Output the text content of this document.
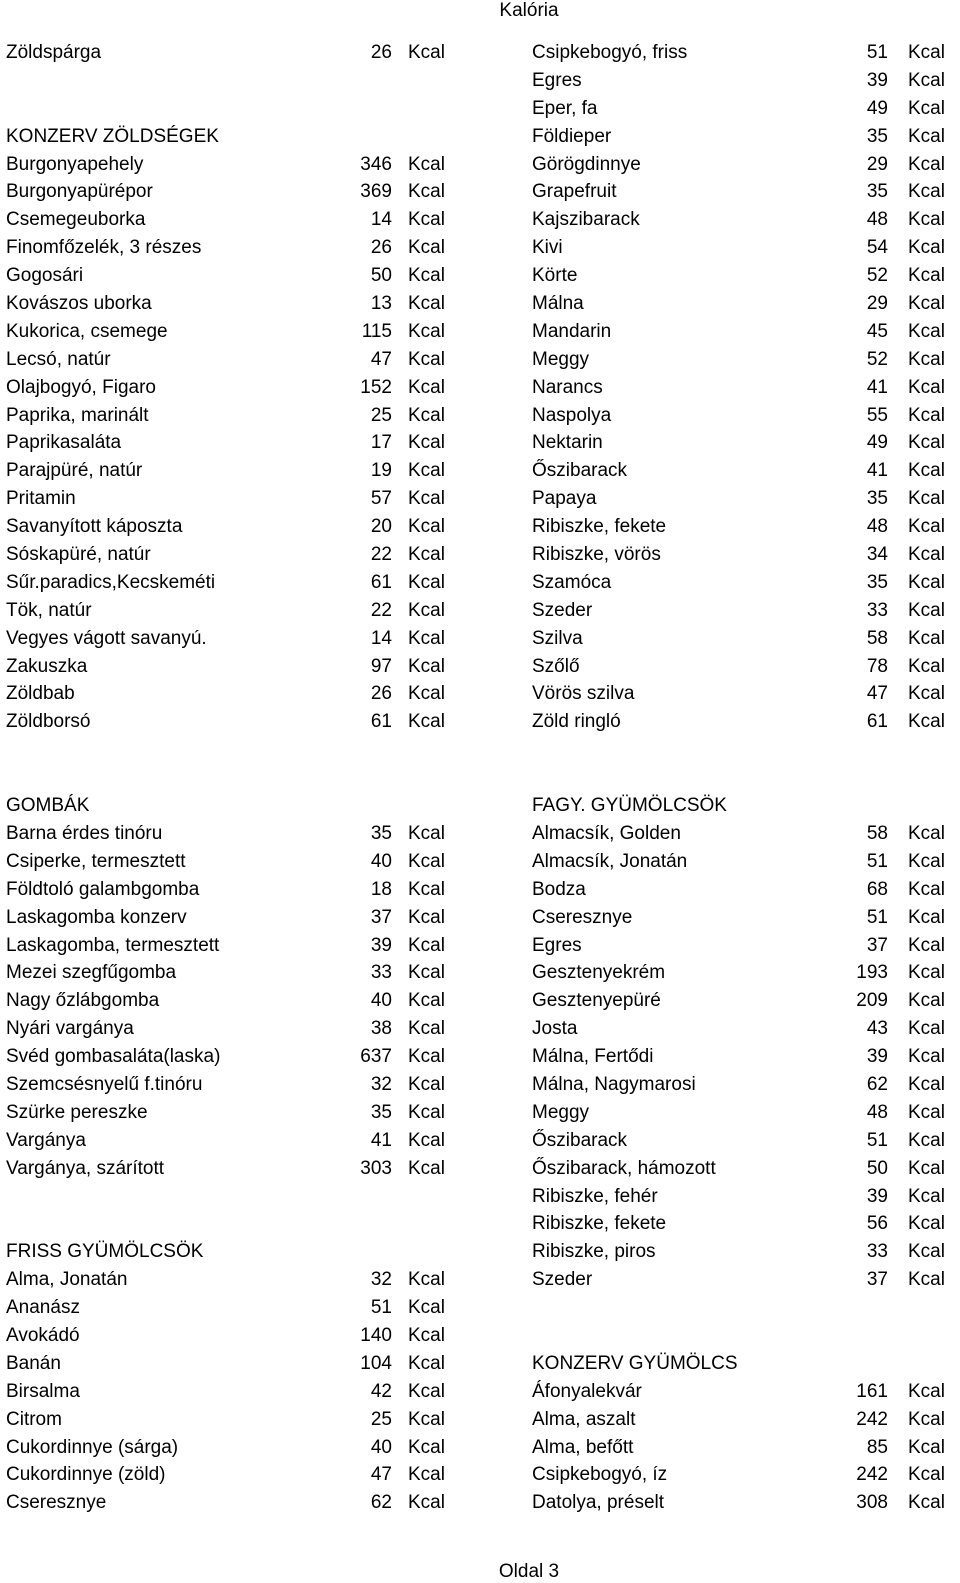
Kalória
Zöldspárga	26 Kcal
KONZERV ZÖLDSÉGEK
Burgonyapehely	346 Kcal
Burgonyapürépor	369 Kcal
Csemegeuborka	14 Kcal
Finomfőzelék, 3 részes	26 Kcal
Gogosári	50 Kcal
Kovászos uborka	13 Kcal
Kukorica, csemege	115 Kcal
Lecsó, natúr	47 Kcal
Olajbogyó, Figaro	152 Kcal
Paprika, marinált	25 Kcal
Paprikasaláta	17 Kcal
Parajpüré, natúr	19 Kcal
Pritamin	57 Kcal
Savanyított káposzta	20 Kcal
Sóskapüré, natúr	22 Kcal
Sűr.paradics,Kecskeméti	61 Kcal
Tök, natúr	22 Kcal
Vegyes vágott savanyú.	14 Kcal
Zakuszka	97 Kcal
Zöldbab	26 Kcal
Zöldborsó	61 Kcal
GOMBÁK
Barna érdes tinóru	35 Kcal
Csiperke, termesztett	40 Kcal
Földtoló galambgomba	18 Kcal
Laskagomba konzerv	37 Kcal
Laskagomba, termesztett	39 Kcal
Mezei szegfűgomba	33 Kcal
Nagy őzlábgomba	40 Kcal
Nyári vargánya	38 Kcal
Svéd gombasaláta(laska)	637 Kcal
Szemcsésnyelű f.tinóru	32 Kcal
Szürke pereszke	35 Kcal
Vargánya	41 Kcal
Vargánya, szárított	303 Kcal
FRISS GYÜMÖLCSÖK
Alma, Jonatán	32 Kcal
Ananász	51 Kcal
Avokádó	140 Kcal
Banán	104 Kcal
Birsalma	42 Kcal
Citrom	25 Kcal
Cukordinnye (sárga)	40 Kcal
Cukordinnye (zöld)	47 Kcal
Cseresznye	62 Kcal
Csipkebogyó, friss	51 Kcal
Egres	39 Kcal
Eper, fa	49 Kcal
Földieper	35 Kcal
Görögdinnye	29 Kcal
Grapefruit	35 Kcal
Kajszibarack	48 Kcal
Kivi	54 Kcal
Körte	52 Kcal
Málna	29 Kcal
Mandarin	45 Kcal
Meggy	52 Kcal
Narancs	41 Kcal
Naspolya	55 Kcal
Nektarin	49 Kcal
Őszibarack	41 Kcal
Papaya	35 Kcal
Ribiszke, fekete	48 Kcal
Ribiszke, vörös	34 Kcal
Szamóca	35 Kcal
Szeder	33 Kcal
Szilva	58 Kcal
Szőlő	78 Kcal
Vörös szilva	47 Kcal
Zöld ringló	61 Kcal
FAGY. GYÜMÖLCSÖK
Almacsík, Golden	58 Kcal
Almacsík, Jonatán	51 Kcal
Bodza	68 Kcal
Cseresznye	51 Kcal
Egres	37 Kcal
Gesztenyekrém	193 Kcal
Gesztenyepüré	209 Kcal
Josta	43 Kcal
Málna, Fertődi	39 Kcal
Málna, Nagymarosi	62 Kcal
Meggy	48 Kcal
Őszibarack	51 Kcal
Őszibarack, hámozott	50 Kcal
Ribiszke, fehér	39 Kcal
Ribiszke, fekete	56 Kcal
Ribiszke, piros	33 Kcal
Szeder	37 Kcal
KONZERV GYÜMÖLCS
Áfonyalekvár	161 Kcal
Alma, aszalt	242 Kcal
Alma, befőtt	85 Kcal
Csipkebogyó, íz	242 Kcal
Datolya, préselt	308 Kcal
Oldal 3
